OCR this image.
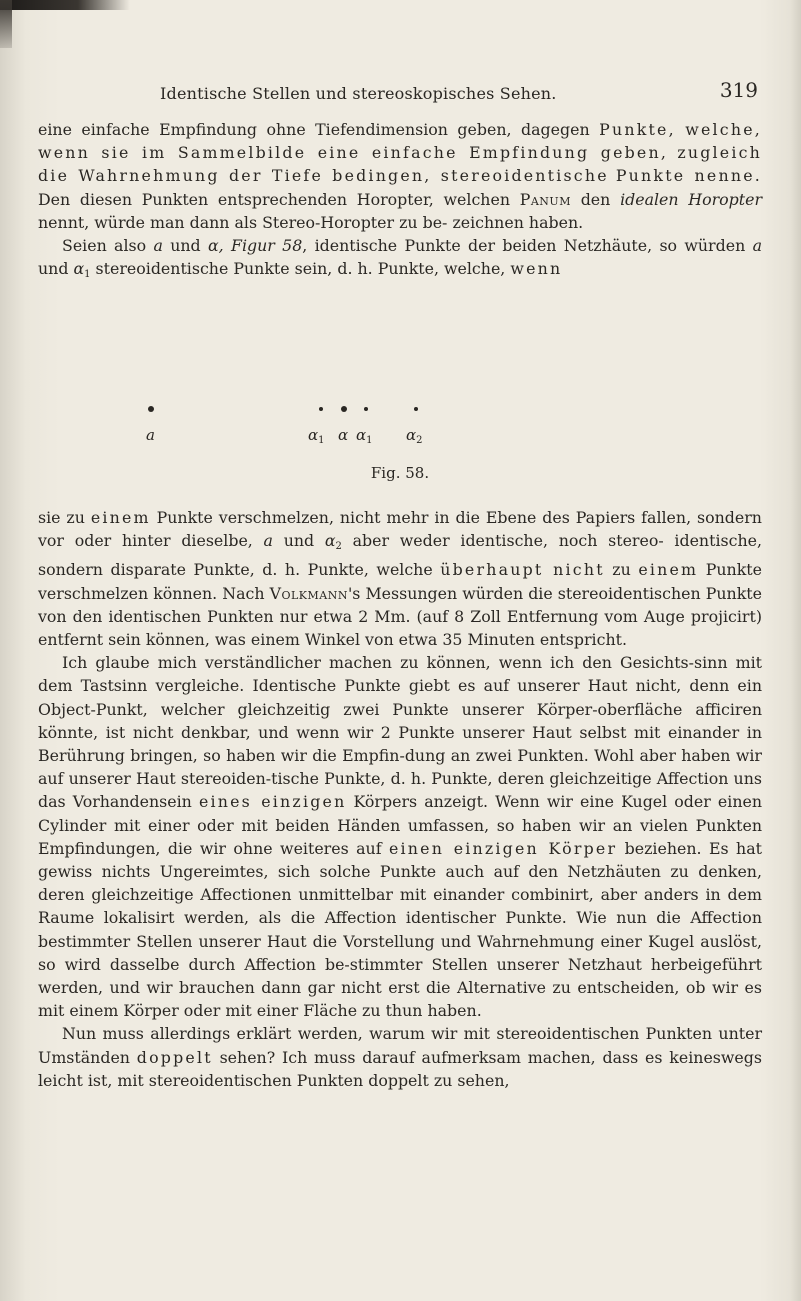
Identische Stellen und stereoskopisches Sehen.	319

eine einfache Empfindung ohne Tiefendimension geben, dagegen Punkte, welche, wenn sie im Sammelbilde eine einfache Empfindung geben, zugleich die Wahrnehmung der Tiefe bedingen, stereoidentische Punkte nenne. Den diesen Punkten entsprechenden Horopter, welchen Panum den idealen Horopter nennt, würde man dann als Stereo-Horopter zu be- zeichnen haben.

Seien also a und α, Figur 58, identische Punkte der beiden Netzhäute, so würden a und $\alpha_1$ stereoidentische Punkte sein, d. h. Punkte, welche, wenn

a	$\alpha_1$ α $\alpha_1$ $\alpha_2$
Fig. 58.

sie zu einem Punkte verschmelzen, nicht mehr in die Ebene des Papiers fallen, sondern vor oder hinter dieselbe, a und $\alpha_2$ aber weder identische, noch stereo- identische, sondern disparate Punkte, d. h. Punkte, welche überhaupt nicht zu einem Punkte verschmelzen können. Nach Volkmann's Messungen würden die stereoidentischen Punkte von den identischen Punkten nur etwa 2 Mm. (auf 8 Zoll Entfernung vom Auge projicirt) entfernt sein können, was einem Winkel von etwa 35 Minuten entspricht.

Ich glaube mich verständlicher machen zu können, wenn ich den Gesichts-sinn mit dem Tastsinn vergleiche. Identische Punkte giebt es auf unserer Haut nicht, denn ein Object-Punkt, welcher gleichzeitig zwei Punkte unserer Körper-oberfläche afficiren könnte, ist nicht denkbar, und wenn wir 2 Punkte unserer Haut selbst mit einander in Berührung bringen, so haben wir die Empfin-dung an zwei Punkten. Wohl aber haben wir auf unserer Haut stereoiden-tische Punkte, d. h. Punkte, deren gleichzeitige Affection uns das Vorhandensein eines einzigen Körpers anzeigt. Wenn wir eine Kugel oder einen Cylinder mit einer oder mit beiden Händen umfassen, so haben wir an vielen Punkten Empfindungen, die wir ohne weiteres auf einen einzigen Körper beziehen. Es hat gewiss nichts Ungereimtes, sich solche Punkte auch auf den Netzhäuten zu denken, deren gleichzeitige Affectionen unmittelbar mit einander combinirt, aber anders in dem Raume lokalisirt werden, als die Affection identischer Punkte. Wie nun die Affection bestimmter Stellen unserer Haut die Vorstellung und Wahrnehmung einer Kugel auslöst, so wird dasselbe durch Affection be-stimmter Stellen unserer Netzhaut herbeigeführt werden, und wir brauchen dann gar nicht erst die Alternative zu entscheiden, ob wir es mit einem Körper oder mit einer Fläche zu thun haben.

Nun muss allerdings erklärt werden, warum wir mit stereoidentischen Punkten unter Umständen doppelt sehen? Ich muss darauf aufmerksam machen, dass es keineswegs leicht ist, mit stereoidentischen Punkten doppelt zu sehen,
